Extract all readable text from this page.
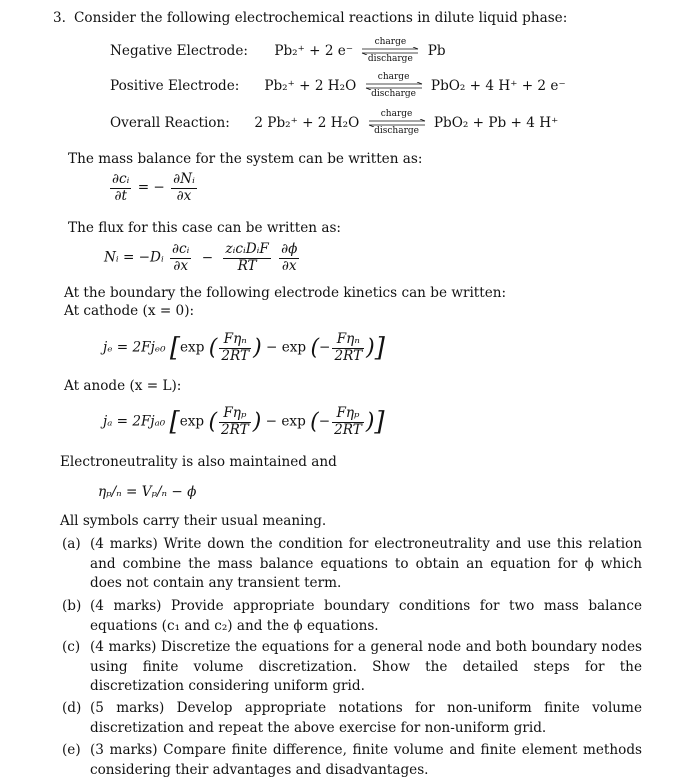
3. Consider the following electrochemical reactions in dilute liquid phase:
Negative Electrode: Pb₂⁺ + 2 e⁻
charge
discharge
Pb
Positive Electrode: Pb₂⁺ + 2 H₂O
charge
discharge
PbO₂ + 4 H⁺ + 2 e⁻
Overall Reaction: 2 Pb₂⁺ + 2 H₂O
charge
discharge
PbO₂ + Pb + 4 H⁺
The mass balance for the system can be written as:
$\frac{\text{∂cᵢ}}{\partial t}$ = − $\frac{\text{∂Nᵢ}}{\partial x}$
The flux for this case can be written as:
Nᵢ = −Dᵢ $\frac{\text{∂cᵢ}}{\partial x} - \frac{\text{zᵢcᵢDᵢF}}{RT}$
$\frac{\partial\phi}{\partial x}$
At the boundary the following electrode kinetics can be written:
At cathode (x = 0):
jₑ = 2Fjₑ₀ [exp ( $\frac{\text{Fηₙ}}{2RT}$ ) − exp (− $\frac{\text{Fηₙ}}{2RT}$ )]
At anode (x = L):
jₐ = 2Fjₐ₀ [exp ( $\frac{\text{Fηₚ}}{2RT}$ ) − exp (− $\frac{\text{Fηₚ}}{2RT}$ )]
Electroneutrality is also maintained and
ηₚ/ₙ = Vₚ/ₙ − ϕ
All symbols carry their usual meaning.
(a) (4 marks) Write down the condition for electroneutrality and use this relation and combine the mass balance equations to obtain an equation for ϕ which does not contain any transient term.
(b) (4 marks) Provide appropriate boundary conditions for two mass balance equations (c₁ and c₂) and the ϕ equations.
(c) (4 marks) Discretize the equations for a general node and both boundary nodes using finite volume discretization. Show the detailed steps for the discretization considering uniform grid.
(d) (5 marks) Develop appropriate notations for non-uniform finite volume discretization and repeat the above exercise for non-uniform grid.
(e) (3 marks) Compare finite difference, finite volume and finite element methods considering their advantages and disadvantages.
